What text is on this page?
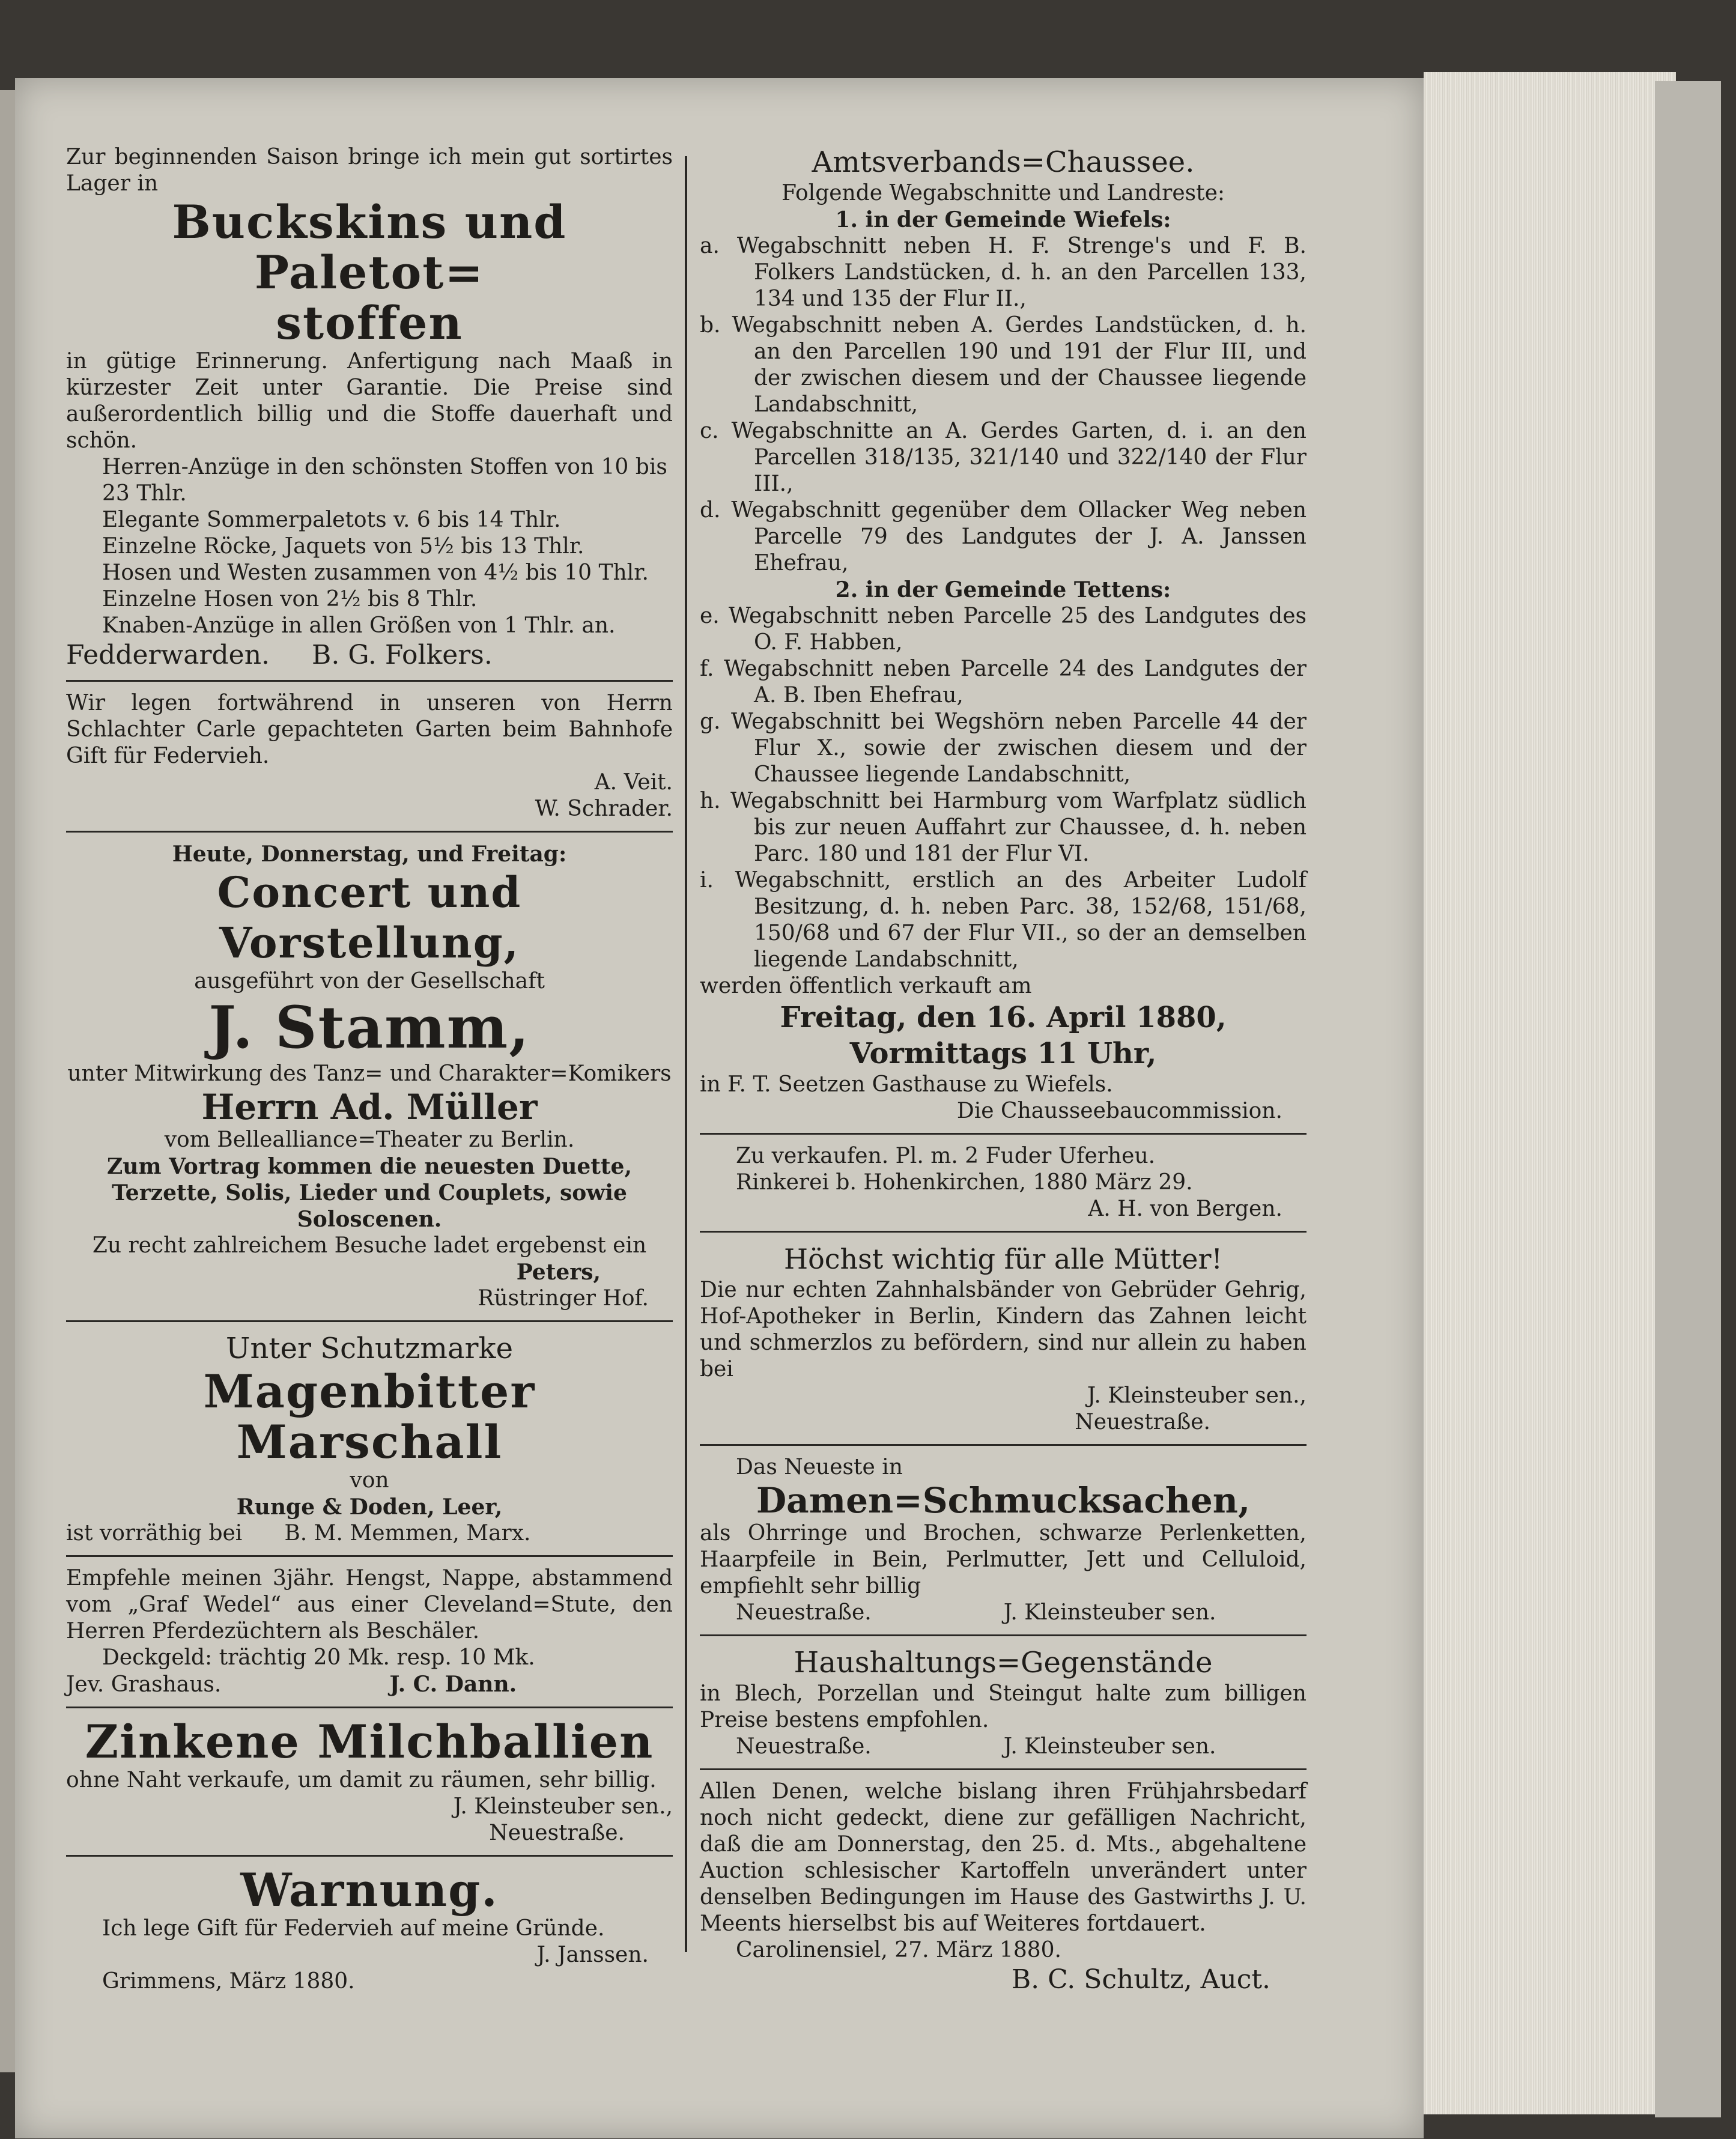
Zur beginnenden Saison bringe ich mein gut sortirtes Lager in
Buckskins und Paletot=
stoffen
in gütige Erinnerung. Anfertigung nach Maaß in kürzester Zeit unter Garantie. Die Preise sind außerordentlich billig und die Stoffe dauerhaft und schön.
Herren-Anzüge in den schönsten Stoffen von 10 bis 23 Thlr.
Elegante Sommerpaletots v. 6 bis 14 Thlr.
Einzelne Röcke, Jaquets von 5½ bis 13 Thlr.
Hosen und Westen zusammen von 4½ bis 10 Thlr.
Einzelne Hosen von 2½ bis 8 Thlr.
Knaben-Anzüge in allen Größen von 1 Thlr. an.
Fedderwarden. B. G. Folkers.
Wir legen fortwährend in unseren von Herrn Schlachter Carle gepachteten Garten beim Bahnhofe Gift für Federvieh.
A. Veit.
W. Schrader.
Heute, Donnerstag, und Freitag:
Concert und Vorstellung,
ausgeführt von der Gesellschaft
J. Stamm,
unter Mitwirkung des Tanz= und Charakter=Komikers
Herrn Ad. Müller
vom Bellealliance=Theater zu Berlin.
Zum Vortrag kommen die neuesten Duette, Terzette, Solis, Lieder und Couplets, sowie Soloscenen.
Zu recht zahlreichem Besuche ladet ergebenst ein
Peters,
Rüstringer Hof.
Unter Schutzmarke
Magenbitter Marschall
von
Runge & Doden, Leer,
ist vorräthig bei B. M. Memmen, Marx.
Empfehle meinen 3jähr. Hengst, Nappe, abstammend vom „Graf Wedel“ aus einer Cleveland=Stute, den Herren Pferdezüchtern als Beschäler.
Deckgeld: trächtig 20 Mk. resp. 10 Mk.
Jev. Grashaus.	J. C. Dann.
Zinkene Milchballien
ohne Naht verkaufe, um damit zu räumen, sehr billig.
J. Kleinsteuber sen.,
Neuestraße.
Warnung.
Ich lege Gift für Federvieh auf meine Gründe.
J. Janssen.
Grimmens, März 1880.
Amtsverbands=Chaussee.
Folgende Wegabschnitte und Landreste:
1. in der Gemeinde Wiefels:
a. Wegabschnitt neben H. F. Strenge's und F. B. Folkers Landstücken, d. h. an den Parcellen 133, 134 und 135 der Flur II.,
b. Wegabschnitt neben A. Gerdes Landstücken, d. h. an den Parcellen 190 und 191 der Flur III, und der zwischen diesem und der Chaussee liegende Landabschnitt,
c. Wegabschnitte an A. Gerdes Garten, d. i. an den Parcellen 318/135, 321/140 und 322/140 der Flur III.,
d. Wegabschnitt gegenüber dem Ollacker Weg neben Parcelle 79 des Landgutes der J. A. Janssen Ehefrau,
2. in der Gemeinde Tettens:
e. Wegabschnitt neben Parcelle 25 des Landgutes des O. F. Habben,
f. Wegabschnitt neben Parcelle 24 des Landgutes der A. B. Iben Ehefrau,
g. Wegabschnitt bei Wegshörn neben Parcelle 44 der Flur X., sowie der zwischen diesem und der Chaussee liegende Landabschnitt,
h. Wegabschnitt bei Harmburg vom Warfplatz südlich bis zur neuen Auffahrt zur Chaussee, d. h. neben Parc. 180 und 181 der Flur VI.
i. Wegabschnitt, erstlich an des Arbeiter Ludolf Besitzung, d. h. neben Parc. 38, 152/68, 151/68, 150/68 und 67 der Flur VII., so der an demselben liegende Landabschnitt,
werden öffentlich verkauft am
Freitag, den 16. April 1880,
Vormittags 11 Uhr,
in F. T. Seetzen Gasthause zu Wiefels.
Die Chausseebaucommission.
Zu verkaufen. Pl. m. 2 Fuder Uferheu.
Rinkerei b. Hohenkirchen, 1880 März 29.
A. H. von Bergen.
Höchst wichtig für alle Mütter!
Die nur echten Zahnhalsbänder von Gebrüder Gehrig, Hof-Apotheker in Berlin, Kindern das Zahnen leicht und schmerzlos zu befördern, sind nur allein zu haben bei
J. Kleinsteuber sen.,
Neuestraße.
Das Neueste in
Damen=Schmucksachen,
als Ohrringe und Brochen, schwarze Perlenketten, Haarpfeile in Bein, Perlmutter, Jett und Celluloid, empfiehlt sehr billig
Neuestraße.	J. Kleinsteuber sen.
Haushaltungs=Gegenstände
in Blech, Porzellan und Steingut halte zum billigen Preise bestens empfohlen.
Neuestraße.	J. Kleinsteuber sen.
Allen Denen, welche bislang ihren Frühjahrsbedarf noch nicht gedeckt, diene zur gefälligen Nachricht, daß die am Donnerstag, den 25. d. Mts., abgehaltene Auction schlesischer Kartoffeln unverändert unter denselben Bedingungen im Hause des Gastwirths J. U. Meents hierselbst bis auf Weiteres fortdauert.
Carolinensiel, 27. März 1880.
B. C. Schultz, Auct.
